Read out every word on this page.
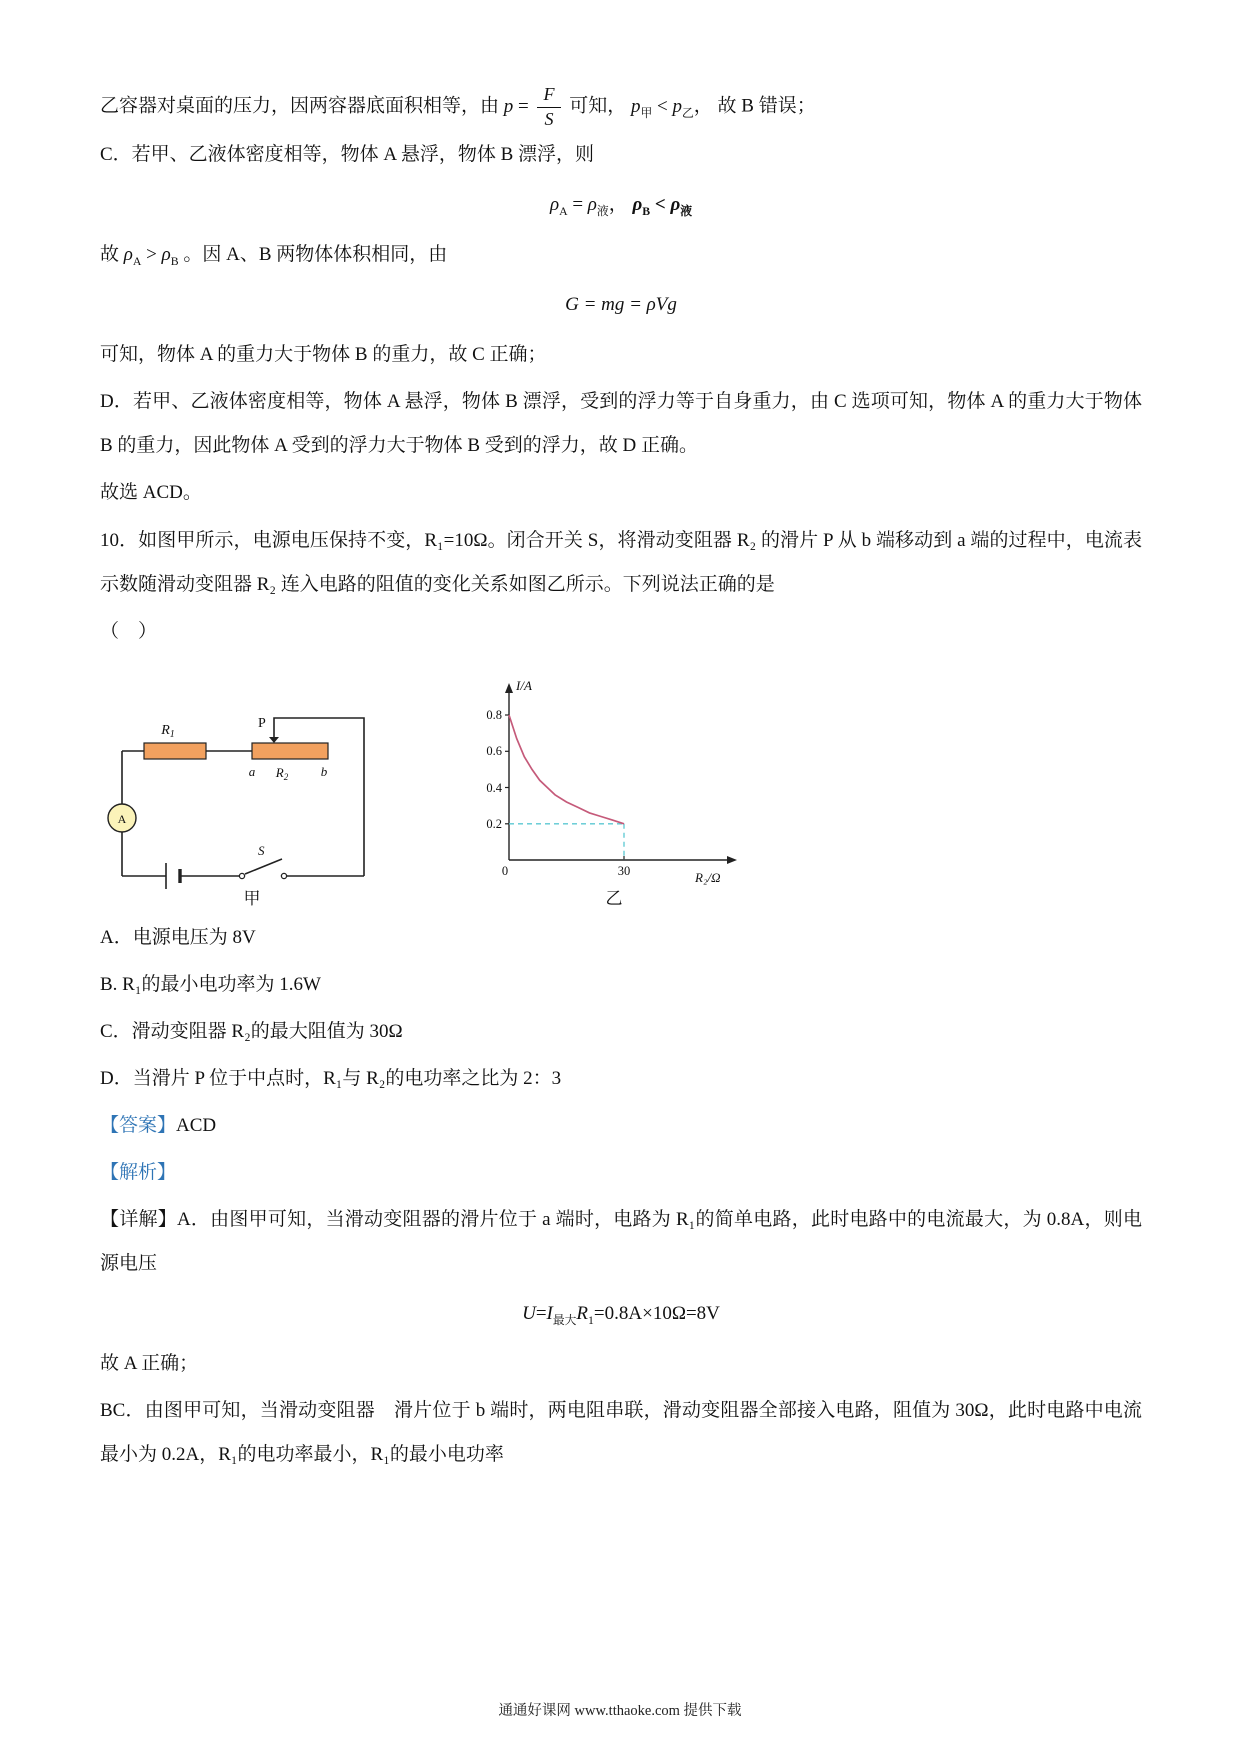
乙容器对桌面的压力，因两容器底面积相等，由 $p = \frac{F}{S}$ 可知， $p_甲 < p_乙$， 故 B 错误；

C．若甲、乙液体密度相等，物体 A 悬浮，物体 B 漂浮，则

$\rho_A = \rho_液$， $\rho_B < \rho_液$

故 $\rho_A > \rho_B$ 。因 A、B 两物体体积相同，由

G = mg = ρVg

可知，物体 A 的重力大于物体 B 的重力，故 C 正确；

D．若甲、乙液体密度相等，物体 A 悬浮，物体 B 漂浮，受到的浮力等于自身重力，由 C 选项可知，物体 A 的重力大于物体 B 的重力，因此物体 A 受到的浮力大于物体 B 受到的浮力，故 D 正确。

故选 ACD。

10．如图甲所示，电源电压保持不变，R₁=10Ω。闭合开关 S，将滑动变阻器 R₂ 的滑片 P 从 b 端移动到 a 端的过程中，电流表示数随滑动变阻器 R₂ 连入电路的阻值的变化关系如图乙所示。下列说法正确的是

（　）

A
$R_1$
P
a $R_2$	b
S
甲
I/A
R₂/Ω
0.8
0.6
0.4
0.2
0	30
乙

A．电源电压为 8V

B. R₁的最小电功率为 1.6W

C．滑动变阻器 R₂的最大阻值为 30Ω

D．当滑片 P 位于中点时，R₁与 R₂的电功率之比为 2：3

【答案】ACD

【解析】

【详解】A．由图甲可知，当滑动变阻器的滑片位于 a 端时，电路为 R₁的简单电路，此时电路中的电流最大，为 0.8A，则电源电压

$U=I_{最大}R_1=0.8A\times 10\Omega=8V$

故 A 正确；

BC．由图甲可知，当滑动变阻器　滑片位于 b 端时，两电阻串联，滑动变阻器全部接入电路，阻值为 30Ω，此时电路中电流最小为 0.2A，R₁的电功率最小，R₁的最小电功率

通通好课网 www.tthaoke.com 提供下载
